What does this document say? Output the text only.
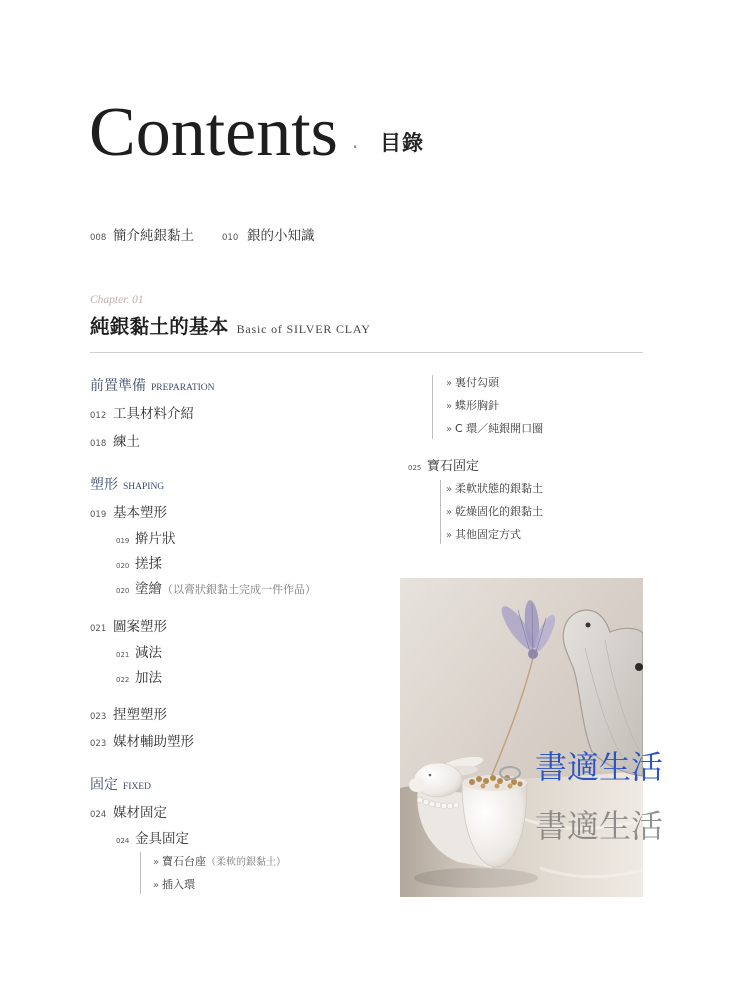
Contents · 目錄
008 簡介純銀黏土	010 銀的小知識
Chapter. 01
純銀黏土的基本 Basic of SILVER CLAY
前置準備 PREPARATION
012 工具材料介紹
018 練土
塑形 SHAPING
019 基本塑形
019 擀片狀
020 搓揉
020 塗繪（以膏狀銀黏土完成一件作品）
021 圖案塑形
021 減法
022 加法
023 捏塑塑形
023 媒材輔助塑形
固定 FIXED
024 媒材固定
024 金具固定
» 寶石台座（柔軟的銀黏土）
» 插入環
» 裏付勾頭
» 蝶形胸針
» C 環／純銀開口圈
025 寶石固定
» 柔軟狀態的銀黏土
» 乾燥固化的銀黏土
» 其他固定方式
書適生活
書適生活
